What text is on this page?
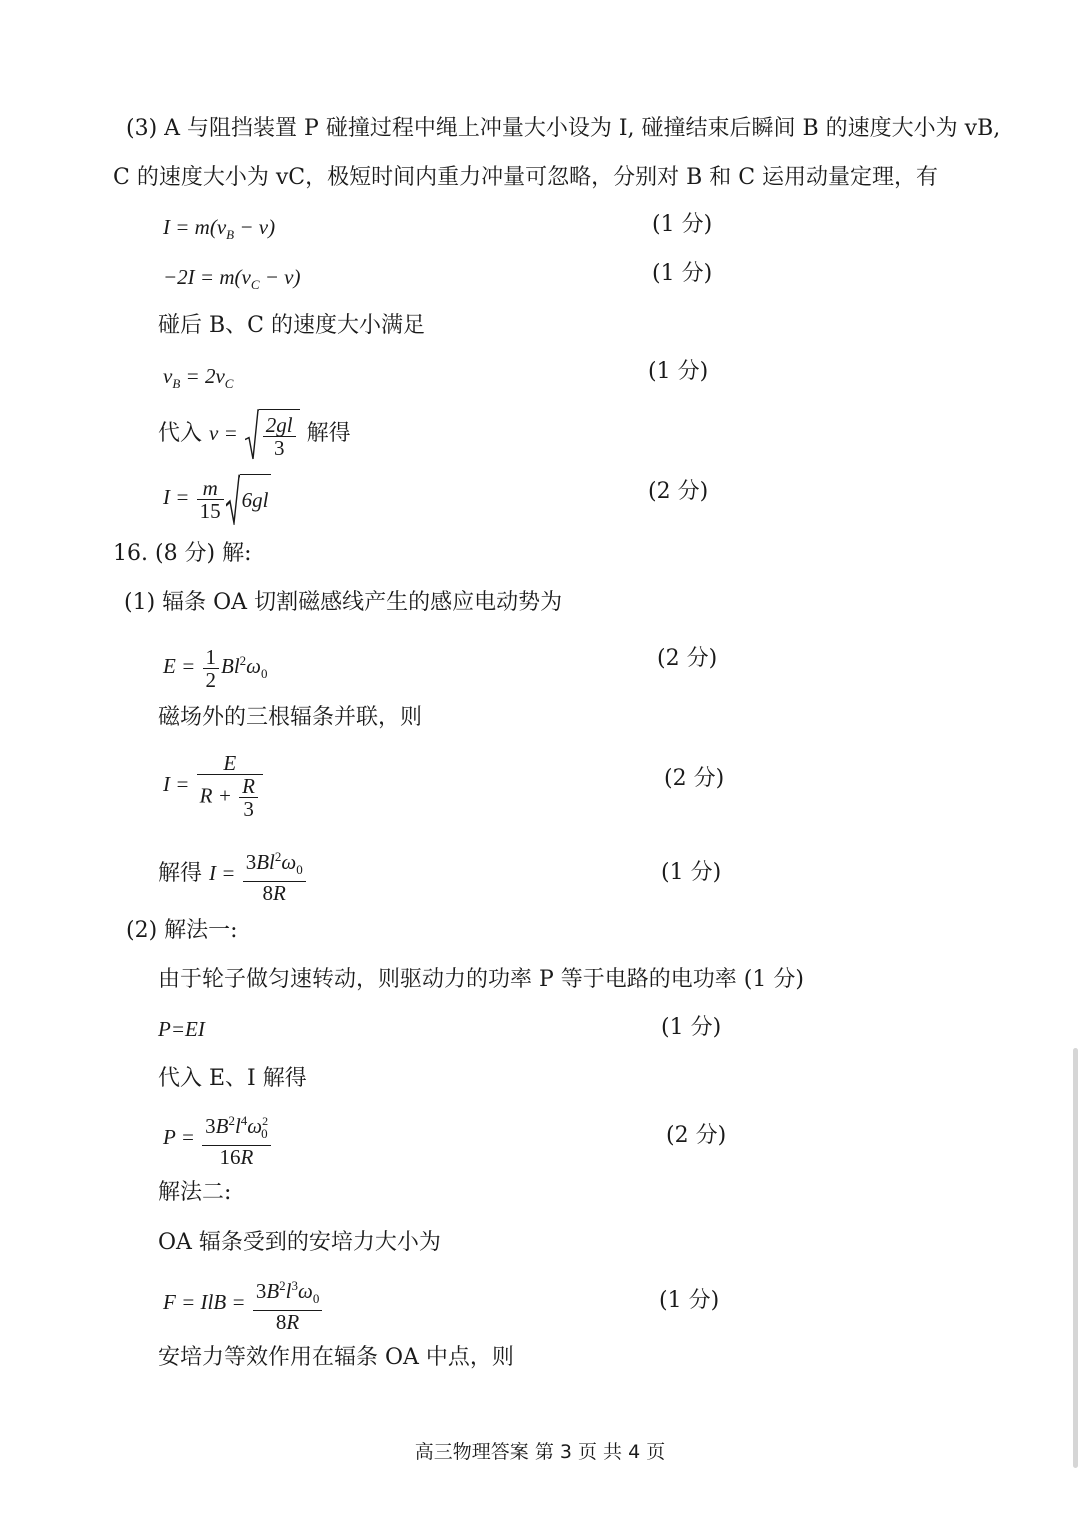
(3) A 与阻挡装置 P 碰撞过程中绳上冲量大小设为 I, 碰撞结束后瞬间 B 的速度大小为 vB,
C 的速度大小为 vC，极短时间内重力冲量可忽略，分别对 B 和 C 运用动量定理，有
$I = m(v_B - v)$	(1 分)
$-2I = m(v_C - v)$	(1 分)
碰后 B、C 的速度大小满足
$v_B = 2v_C$	(1 分)
代入 $v = \frac{2gl}{3}$ 解得
$I = \frac{m}{15} 6gl$	(2 分)
16. (8 分) 解:
(1) 辐条 OA 切割磁感线产生的感应电动势为
$E = \frac{1}{2} Bl^2\omega_0$
(2 分)
磁场外的三根辐条并联，则
$I = \frac{E}{R + \frac{R}{3}}$	(2 分)
解得 $I = \frac{3Bl^2\omega_0}{8R}$	(1 分)
(2) 解法一:
由于轮子做匀速转动，则驱动力的功率 P 等于电路的电功率 (1 分)
P=EI	(1 分)
代入 E、I 解得
$P = \frac{3B^2l^4\omega^2_0}{16R}$	(2 分)
解法二:
OA 辐条受到的安培力大小为
F = IlB = $\frac{3B^2l^3\omega_0}{8R}$	(1 分)
安培力等效作用在辐条 OA 中点，则
高三物理答案 第 3 页 共 4 页
